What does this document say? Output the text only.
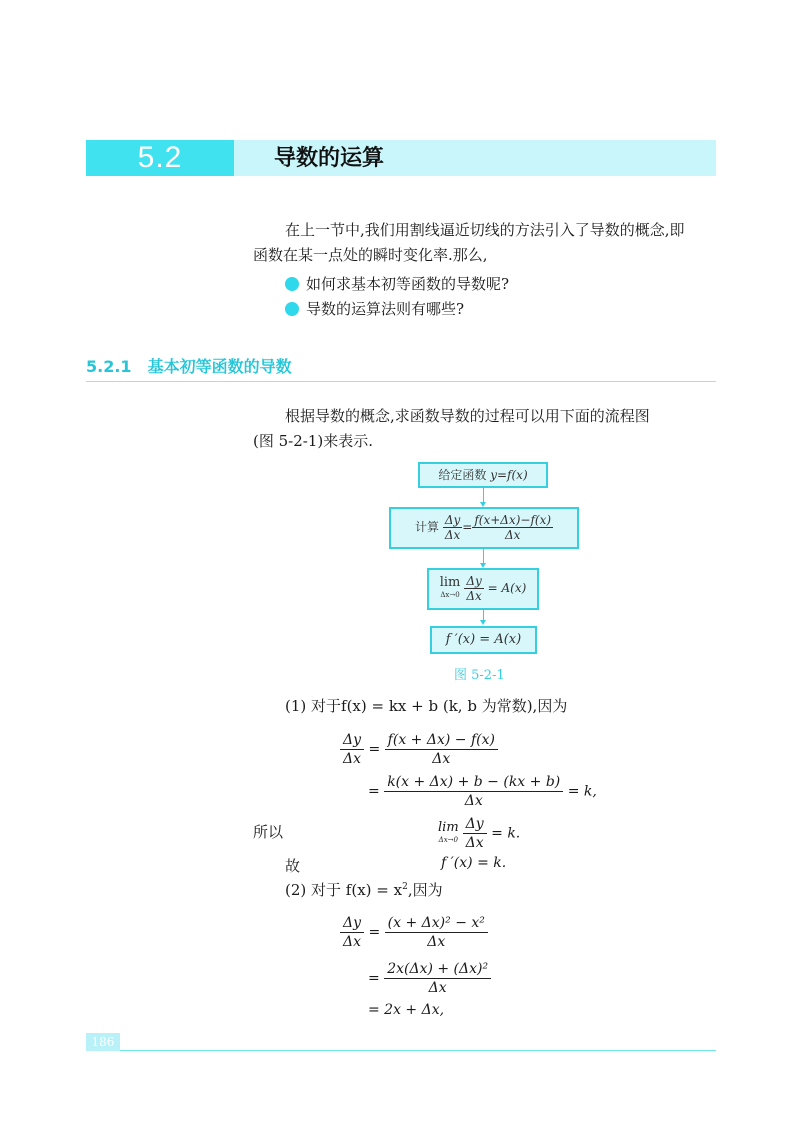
5.2	导数的运算
在上一节中,我们用割线逼近切线的方法引入了导数的概念,即
函数在某一点处的瞬时变化率.那么,
如何求基本初等函数的导数呢?
导数的运算法则有哪些?
5.2.1 基本初等函数的导数
根据导数的概念,求函数导数的过程可以用下面的流程图
(图 5-2-1)来表示.
给定函数 y=f(x)
计算 $\frac{\Delta y}{\Delta x} = \frac{f(x+\Delta x)-f(x)}{\Delta x}$
lim
$\Delta x\to 0 \frac{\Delta y}{\Delta x} = A(x)$
f ′(x) = A(x)
图 5-2-1
(1) 对于f(x) = kx + b (k, b 为常数),因为
$\frac{\Delta y}{\Delta x} = \frac{f(x + \Delta x) - f(x)}{\Delta x}$
= $\frac{k(x + \Delta x) + b - (kx + b)}{\Delta x} = k$,
所以	lim
$\Delta x\to 0 \frac{\Delta y}{\Delta x} = k$.
故	f ′(x) = k.
(2) 对于 $f(x) = x^2$,因为
$\frac{\Delta y}{\Delta x} = \frac{\text{(x + Δx)² − x²}}{\Delta x}$
= $\frac{\text{2x(Δx) + (Δx)²}}{\Delta x}$
= 2x + Δx,
186
